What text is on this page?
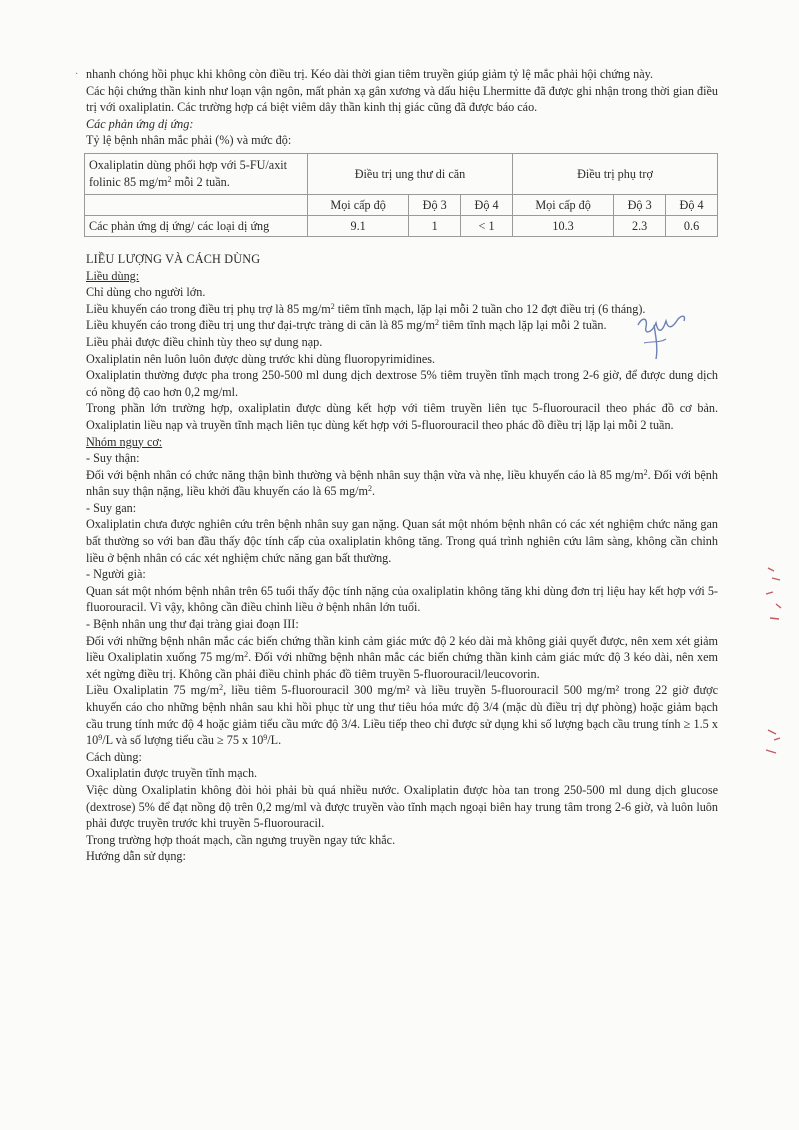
· nhanh chóng hồi phục khi không còn điều trị. Kéo dài thời gian tiêm truyền giúp giảm tỷ lệ mắc phải hội chứng này.

Các hội chứng thần kinh như loạn vận ngôn, mất phản xạ gân xương và dấu hiệu Lhermitte đã được ghi nhận trong thời gian điều trị với oxaliplatin. Các trường hợp cá biệt viêm dây thần kinh thị giác cũng đã được báo cáo.

Các phản ứng dị ứng:

Tỷ lệ bệnh nhân mắc phải (%) và mức độ:

Oxaliplatin dùng phối hợp với 5-FU/axit folinic 85 $mg/m^2$ mỗi 2 tuần.	Điều trị ung thư di căn			Điều trị phụ trợ		
	Mọi cấp độ	Độ 3	Độ 4	Mọi cấp độ	Độ 3	Độ 4
Các phản ứng dị ứng/ các loại dị ứng	9.1	1	< 1	10.3	2.3	0.6

LIỀU LƯỢNG VÀ CÁCH DÙNG

Liều dùng:

Chỉ dùng cho người lớn.

Liều khuyến cáo trong điều trị phụ trợ là 85 $mg/m^2$ tiêm tĩnh mạch, lặp lại mỗi 2 tuần cho 12 đợt điều trị (6 tháng).

Liều khuyến cáo trong điều trị ung thư đại-trực tràng di căn là 85 $mg/m^2$ tiêm tĩnh mạch lặp lại mỗi 2 tuần.

Liều phải được điều chỉnh tùy theo sự dung nạp.

Oxaliplatin nên luôn luôn được dùng trước khi dùng fluoropyrimidines.

Oxaliplatin thường được pha trong 250-500 ml dung dịch dextrose 5% tiêm truyền tĩnh mạch trong 2-6 giờ, để được dung dịch có nồng độ cao hơn 0,2 mg/ml.

Trong phần lớn trường hợp, oxaliplatin được dùng kết hợp với tiêm truyền liên tục 5-fluorouracil theo phác đồ cơ bản. Oxaliplatin liều nạp và truyền tĩnh mạch liên tục dùng kết hợp với 5-fluorouracil theo phác đồ điều trị lặp lại mỗi 2 tuần.

Nhóm nguy cơ:

- Suy thận:

Đối với bệnh nhân có chức năng thận bình thường và bệnh nhân suy thận vừa và nhẹ, liều khuyến cáo là 85 $mg/m^2$. Đối với bệnh nhân suy thận nặng, liều khởi đầu khuyến cáo là 65 $mg/m^2$.

- Suy gan:

Oxaliplatin chưa được nghiên cứu trên bệnh nhân suy gan nặng. Quan sát một nhóm bệnh nhân có các xét nghiệm chức năng gan bất thường so với ban đầu thấy độc tính cấp của oxaliplatin không tăng. Trong quá trình nghiên cứu lâm sàng, không cần chỉnh liều ở bệnh nhân có các xét nghiệm chức năng gan bất thường.

- Người già:

Quan sát một nhóm bệnh nhân trên 65 tuổi thấy độc tính nặng của oxaliplatin không tăng khi dùng đơn trị liệu hay kết hợp với 5-fluorouracil. Vì vậy, không cần điều chỉnh liều ở bệnh nhân lớn tuổi.

- Bệnh nhân ung thư đại tràng giai đoạn III:

Đối với những bệnh nhân mắc các biến chứng thần kinh cảm giác mức độ 2 kéo dài mà không giải quyết được, nên xem xét giảm liều Oxaliplatin xuống 75 $mg/m^2$. Đối với những bệnh nhân mắc các biến chứng thần kinh cảm giác mức độ 3 kéo dài, nên xem xét ngừng điều trị. Không cần phải điều chỉnh phác đồ tiêm truyền 5-fluorouracil/leucovorin.

Liều Oxaliplatin 75 $mg/m^2$, liều tiêm 5-fluorouracil 300 mg/m² và liều truyền 5-fluorouracil 500 mg/m² trong 22 giờ được khuyến cáo cho những bệnh nhân sau khi hồi phục từ ung thư tiêu hóa mức độ 3/4 (mặc dù điều trị dự phòng) hoặc giảm bạch cầu trung tính mức độ 4 hoặc giảm tiểu cầu mức độ 3/4. Liều tiếp theo chỉ được sử dụng khi số lượng bạch cầu trung tính ≥ 1.5 x $10^9/L$ và số lượng tiểu cầu ≥ 75 x $10^9/L$.

Cách dùng:

Oxaliplatin được truyền tĩnh mạch.

Việc dùng Oxaliplatin không đòi hỏi phải bù quá nhiều nước. Oxaliplatin được hòa tan trong 250-500 ml dung dịch glucose (dextrose) 5% để đạt nồng độ trên 0,2 mg/ml và được truyền vào tĩnh mạch ngoại biên hay trung tâm trong 2-6 giờ, và luôn luôn phải được truyền trước khi truyền 5-fluorouracil.

Trong trường hợp thoát mạch, cần ngưng truyền ngay tức khắc.

Hướng dẫn sử dụng:
